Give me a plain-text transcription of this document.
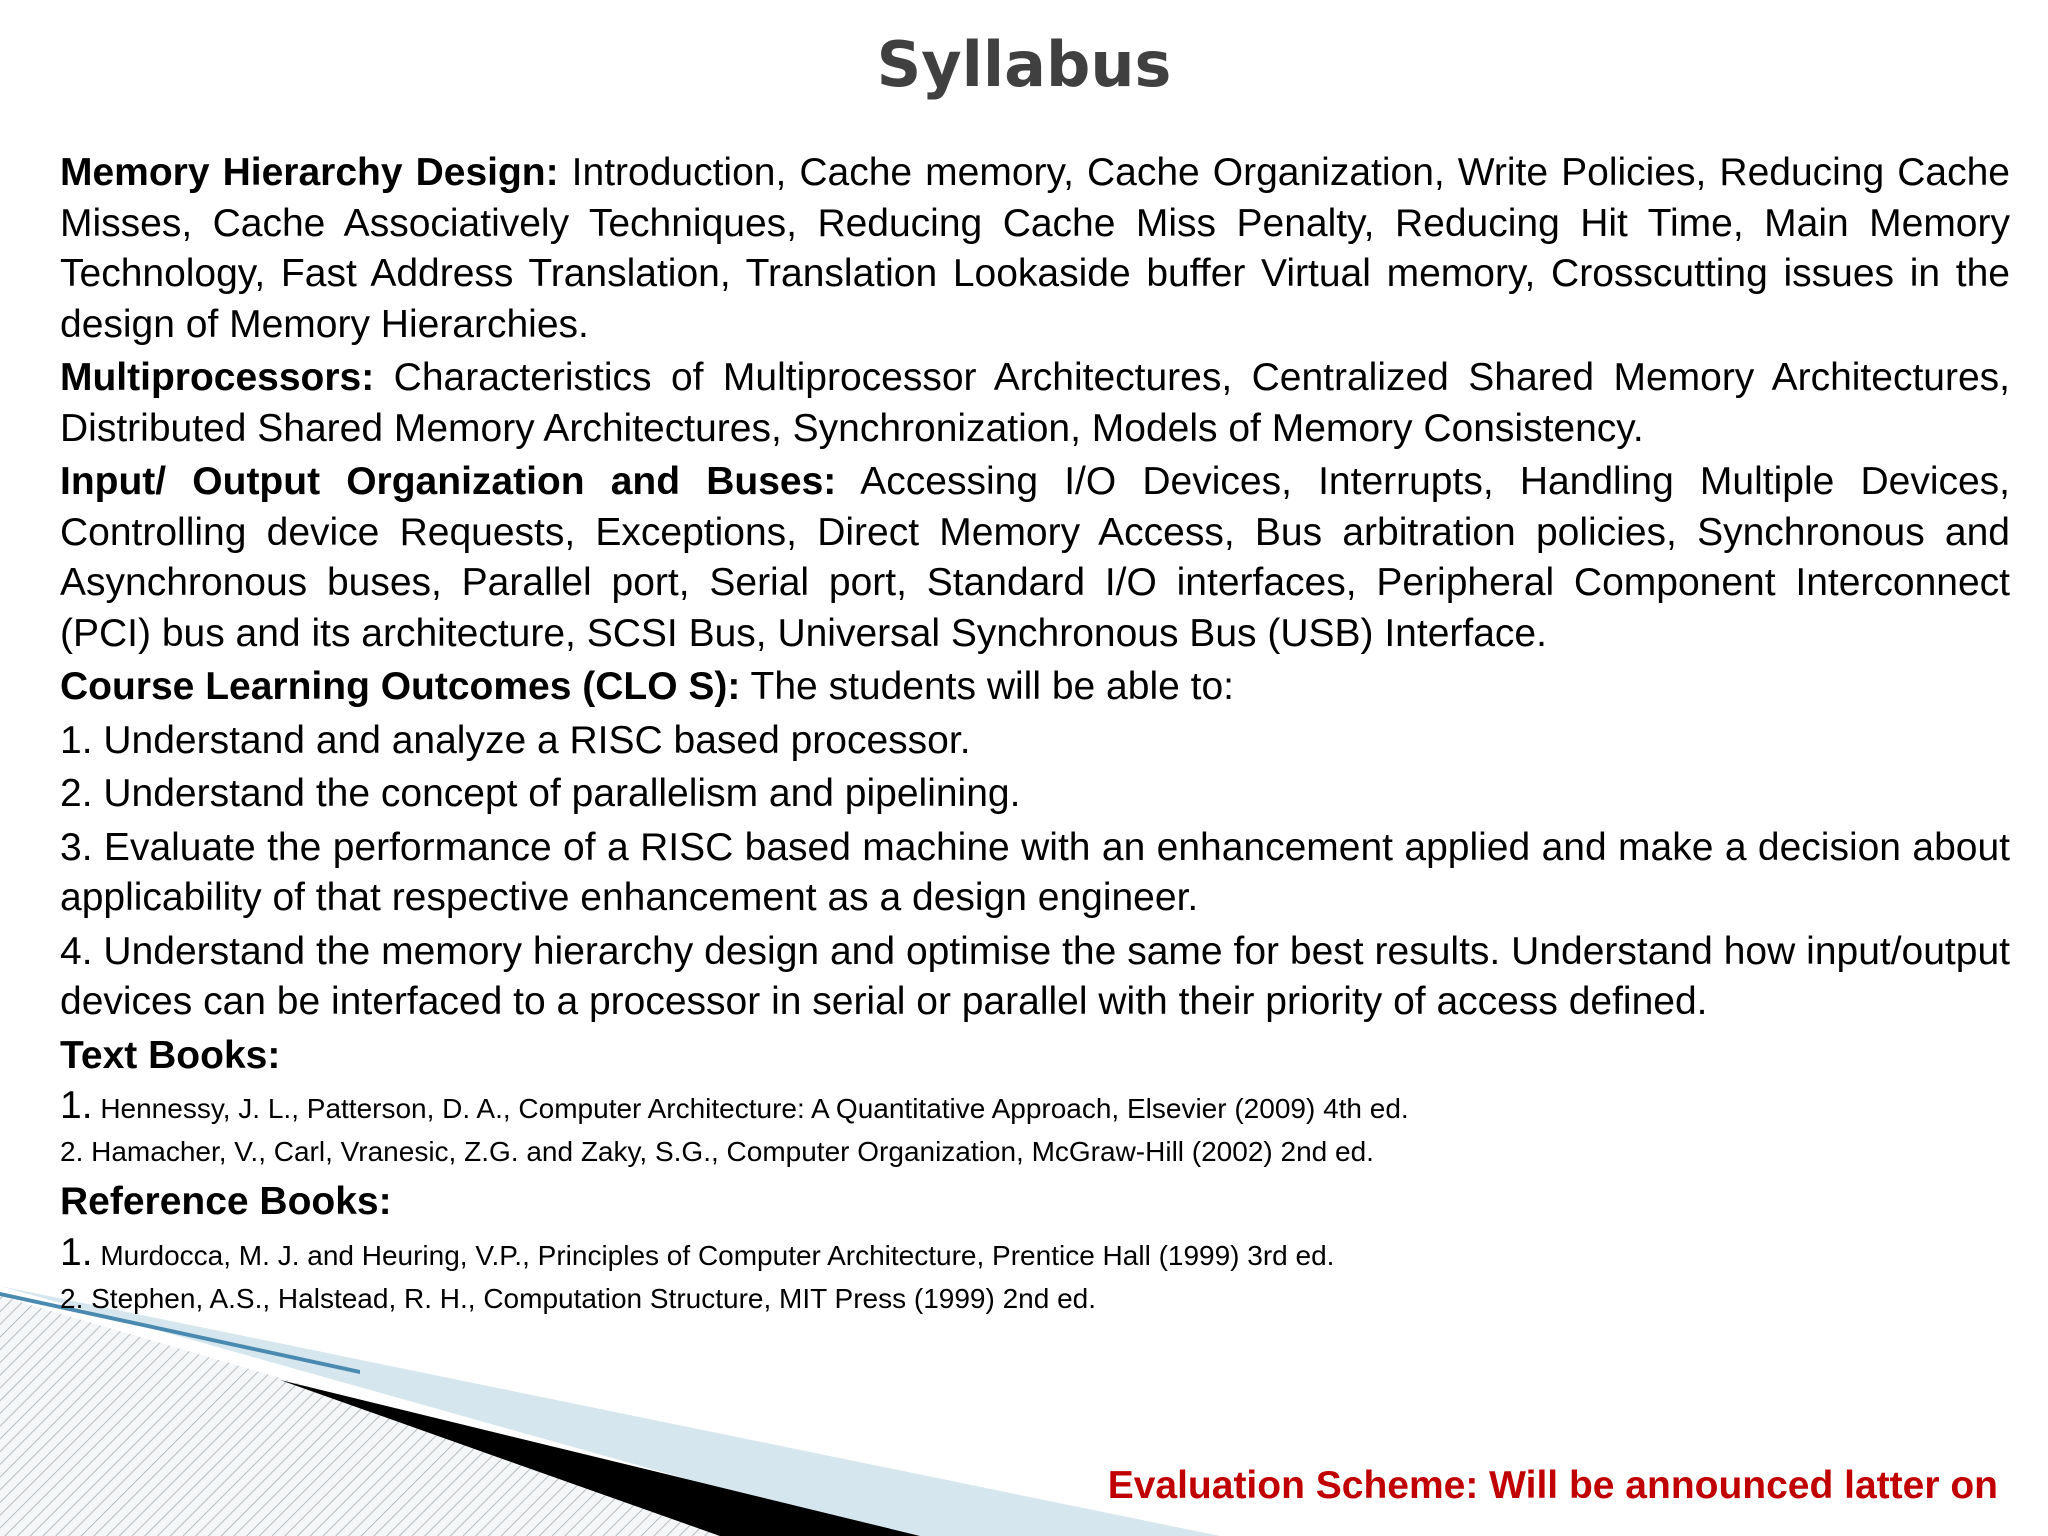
Syllabus

Memory Hierarchy Design: Introduction, Cache memory, Cache Organization, Write Policies, Reducing Cache Misses, Cache Associatively Techniques, Reducing Cache Miss Penalty, Reducing Hit Time, Main Memory Technology, Fast Address Translation, Translation Lookaside buffer Virtual memory, Crosscutting issues in the design of Memory Hierarchies.

Multiprocessors: Characteristics of Multiprocessor Architectures, Centralized Shared Memory Architectures, Distributed Shared Memory Architectures, Synchronization, Models of Memory Consistency.

Input/ Output Organization and Buses: Accessing I/O Devices, Interrupts, Handling Multiple Devices, Controlling device Requests, Exceptions, Direct Memory Access, Bus arbitration policies, Synchronous and Asynchronous buses, Parallel port, Serial port, Standard I/O interfaces, Peripheral Component Interconnect (PCI) bus and its architecture, SCSI Bus, Universal Synchronous Bus (USB) Interface.

Course Learning Outcomes (CLO S): The students will be able to:

1. Understand and analyze a RISC based processor.

2. Understand the concept of parallelism and pipelining.

3. Evaluate the performance of a RISC based machine with an enhancement applied and make a decision about applicability of that respective enhancement as a design engineer.

4. Understand the memory hierarchy design and optimise the same for best results. Understand how input/output devices can be interfaced to a processor in serial or parallel with their priority of access defined.

Text Books:

1. Hennessy, J. L., Patterson, D. A., Computer Architecture: A Quantitative Approach, Elsevier (2009) 4th ed.

2. Hamacher, V., Carl, Vranesic, Z.G. and Zaky, S.G., Computer Organization, McGraw-Hill (2002) 2nd ed.

Reference Books:

1. Murdocca, M. J. and Heuring, V.P., Principles of Computer Architecture, Prentice Hall (1999) 3rd ed.

2. Stephen, A.S., Halstead, R. H., Computation Structure, MIT Press (1999) 2nd ed.

Evaluation Scheme: Will be announced latter on
